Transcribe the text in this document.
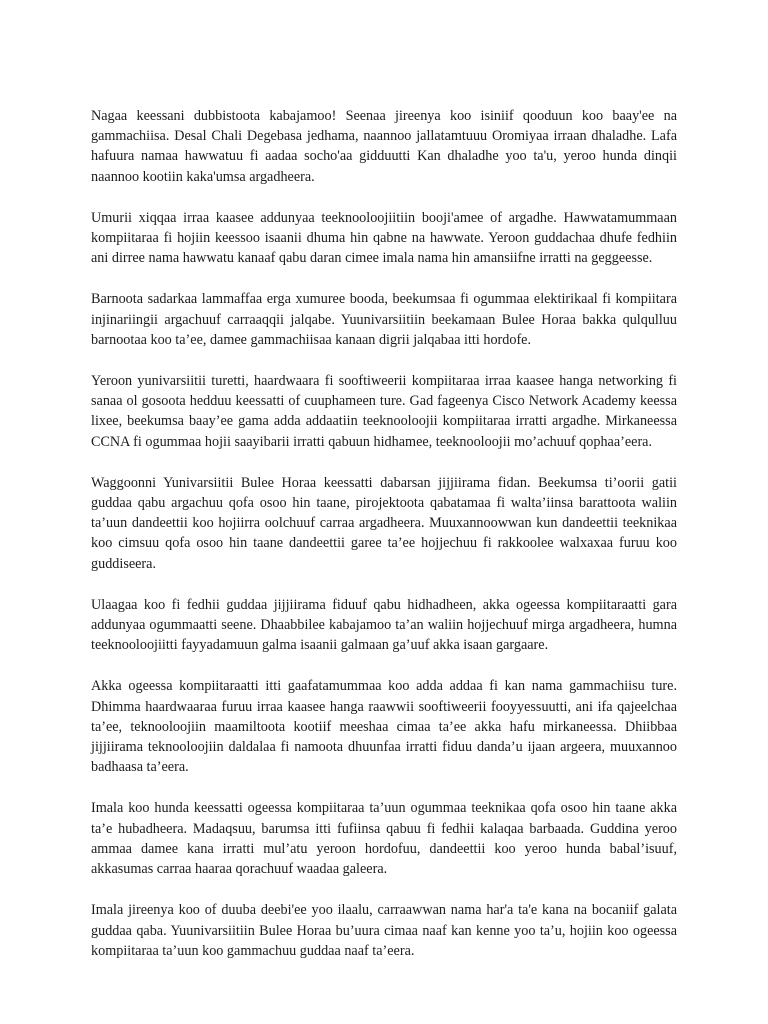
Nagaa keessani dubbistoota kabajamoo! Seenaa jireenya koo isiniif qooduun koo baay'ee na gammachiisa. Desal Chali Degebasa jedhama, naannoo jallatamtuuu Oromiyaa irraan dhaladhe. Lafa hafuura namaa hawwatuu fi aadaa socho'aa gidduutti Kan dhaladhe yoo ta'u, yeroo hunda dinqii naannoo kootiin kaka'umsa argadheera.

Umurii xiqqaa irraa kaasee addunyaa teeknooloojiitiin booji'amee of argadhe. Hawwatamummaan kompiitaraa fi hojiin keessoo isaanii dhuma hin qabne na hawwate. Yeroon guddachaa dhufe fedhiin ani dirree nama hawwatu kanaaf qabu daran cimee imala nama hin amansiifne irratti na geggeesse.

Barnoota sadarkaa lammaffaa erga xumuree booda, beekumsaa fi ogummaa elektirikaal fi kompiitara injinariingii argachuuf carraaqqii jalqabe. Yuunivarsiitiin beekamaan Bulee Horaa bakka qulqulluu barnootaa koo ta’ee, damee gammachiisaa kanaan digrii jalqabaa itti hordofe.

Yeroon yunivarsiitii turetti, haardwaara fi sooftiweerii kompiitaraa irraa kaasee hanga networking fi sanaa ol gosoota hedduu keessatti of cuuphameen ture. Gad fageenya Cisco Network Academy keessa lixee, beekumsa baay’ee gama adda addaatiin teeknooloojii kompiitaraa irratti argadhe. Mirkaneessa CCNA fi ogummaa hojii saayibarii irratti qabuun hidhamee, teeknooloojii mo’achuuf qophaa’eera.

Waggoonni Yunivarsiitii Bulee Horaa keessatti dabarsan jijjiirama fidan. Beekumsa ti’oorii gatii guddaa qabu argachuu qofa osoo hin taane, pirojektoota qabatamaa fi walta’iinsa barattoota waliin ta’uun dandeettii koo hojiirra oolchuuf carraa argadheera. Muuxannoowwan kun dandeettii teeknikaa koo cimsuu qofa osoo hin taane dandeettii garee ta’ee hojjechuu fi rakkoolee walxaxaa furuu koo guddiseera.

Ulaagaa koo fi fedhii guddaa jijjiirama fiduuf qabu hidhadheen, akka ogeessa kompiitaraatti gara addunyaa ogummaatti seene. Dhaabbilee kabajamoo ta’an waliin hojjechuuf mirga argadheera, humna teeknooloojiitti fayyadamuun galma isaanii galmaan ga’uuf akka isaan gargaare.

Akka ogeessa kompiitaraatti itti gaafatamummaa koo adda addaa fi kan nama gammachiisu ture. Dhimma haardwaaraa furuu irraa kaasee hanga raawwii sooftiweerii fooyyessuutti, ani ifa qajeelchaa ta’ee, teknooloojiin maamiltoota kootiif meeshaa cimaa ta’ee akka hafu mirkaneessa. Dhiibbaa jijjiirama teknooloojiin daldalaa fi namoota dhuunfaa irratti fiduu danda’u ijaan argeera, muuxannoo badhaasa ta’eera.

Imala koo hunda keessatti ogeessa kompiitaraa ta’uun ogummaa teeknikaa qofa osoo hin taane akka ta’e hubadheera. Madaqsuu, barumsa itti fufiinsa qabuu fi fedhii kalaqaa barbaada. Guddina yeroo ammaa damee kana irratti mul’atu yeroon hordofuu, dandeettii koo yeroo hunda babal’isuuf, akkasumas carraa haaraa qorachuuf waadaa galeera.

Imala jireenya koo of duuba deebi'ee yoo ilaalu, carraawwan nama har'a ta'e kana na bocaniif galata guddaa qaba. Yuunivarsiitiin Bulee Horaa bu’uura cimaa naaf kan kenne yoo ta’u, hojiin koo ogeessa kompiitaraa ta’uun koo gammachuu guddaa naaf ta’eera.
